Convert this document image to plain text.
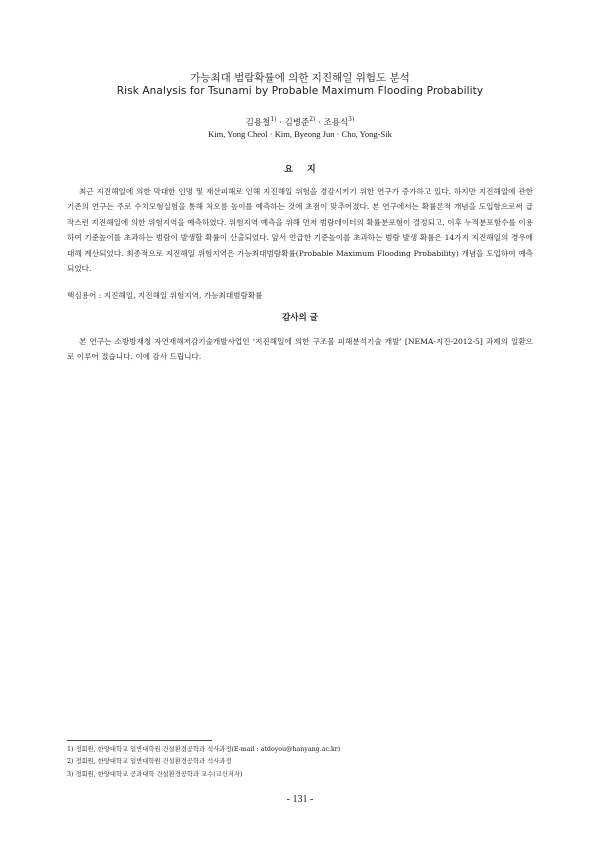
가능최대 범람확률에 의한 지진해일 위험도 분석
Risk Analysis for Tsunami by Probable Maximum Flooding Probability
김용철$^{1)}$ · 김병준$^{2)}$ · 조용식$^{3)}$
Kim, Yong Cheol · Kim, Byeong Jun · Cho, Yong-Sik
요지

최근 지진해일에 의한 막대한 인명 및 재산피해로 인해 지진해일 위험을 경감시키기 위한 연구가 증가하고 있다. 하지만 지진해일에 관한 기존의 연구는 주로 수치모형실험을 통해 처오름 높이를 예측하는 것에 초점이 맞추어졌다. 본 연구에서는 확률론적 개념을 도입함으로써 급작스런 지진해일에 의한 위험지역을 예측하였다. 위험지역 예측을 위해 먼저 범람데이터의 확률분포형이 결정되고, 이후 누적분포함수를 이용하여 기준높이를 초과하는 범람이 발생할 확률이 산출되었다. 앞서 언급한 기준높이를 초과하는 범람 발생 확률은 14가지 지진해일의 경우에 대해 계산되었다. 최종적으로 지진해일 위험지역은 가능최대범람확률(Probable Maximum Flooding Probability) 개념을 도입하여 예측되었다.

핵심용어 : 지진해일, 지진해일 위험지역, 가능최대범람확률

감사의 글

본 연구는 소방방재청 자연재해저감기술개발사업인 ‘지진해일에 의한 구조물 피해분석기술 개발’ [NEMA-지진-2012-5] 과제의 일환으로 이루어 졌습니다. 이에 감사 드립니다.

1) 정회원, 한양대학교 일반대학원 건설환경공학과 석사과정(E-mail : atdoyou@hanyang.ac.kr)
2) 정회원, 한양대학교 일반대학원 건설환경공학과 석사과정
3) 정회원, 한양대학교 공과대학 건설환경공학과 교수(교신저자)
- 131 -
